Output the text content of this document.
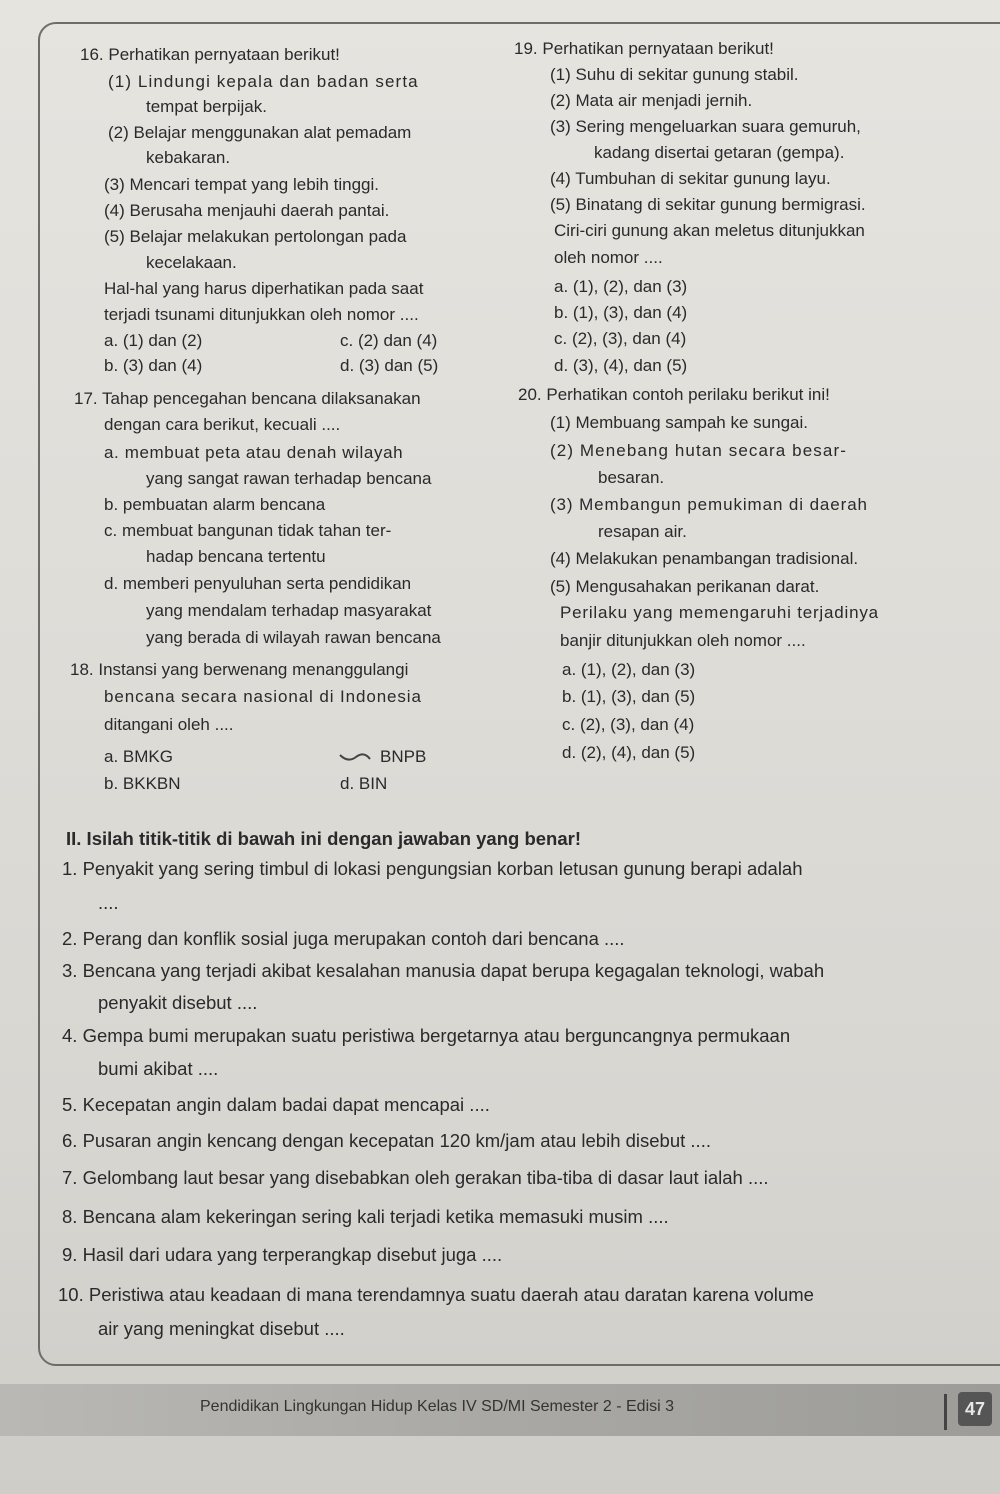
16. Perhatikan pernyataan berikut!
(1) Lindungi kepala dan badan serta
tempat berpijak.
(2) Belajar menggunakan alat pemadam
kebakaran.
(3) Mencari tempat yang lebih tinggi.
(4) Berusaha menjauhi daerah pantai.
(5) Belajar melakukan pertolongan pada
kecelakaan.
Hal-hal yang harus diperhatikan pada saat
terjadi tsunami ditunjukkan oleh nomor ....
a. (1) dan (2)	c. (2) dan (4)
b. (3) dan (4)	d. (3) dan (5)
17. Tahap pencegahan bencana dilaksanakan
dengan cara berikut, kecuali ....
a. membuat peta atau denah wilayah
yang sangat rawan terhadap bencana
b. pembuatan alarm bencana
c. membuat bangunan tidak tahan ter-
hadap bencana tertentu
d. memberi penyuluhan serta pendidikan
yang mendalam terhadap masyarakat
yang berada di wilayah rawan bencana
18. Instansi yang berwenang menanggulangi
bencana secara nasional di Indonesia
ditangani oleh ....
a. BMKG	BNPB
b. BKKBN	d. BIN
19. Perhatikan pernyataan berikut!
(1) Suhu di sekitar gunung stabil.
(2) Mata air menjadi jernih.
(3) Sering mengeluarkan suara gemuruh,
kadang disertai getaran (gempa).
(4) Tumbuhan di sekitar gunung layu.
(5) Binatang di sekitar gunung bermigrasi.
Ciri-ciri gunung akan meletus ditunjukkan
oleh nomor ....
a. (1), (2), dan (3)
b. (1), (3), dan (4)
c. (2), (3), dan (4)
d. (3), (4), dan (5)
20. Perhatikan contoh perilaku berikut ini!
(1) Membuang sampah ke sungai.
(2) Menebang hutan secara besar-
besaran.
(3) Membangun pemukiman di daerah
resapan air.
(4) Melakukan penambangan tradisional.
(5) Mengusahakan perikanan darat.
Perilaku yang memengaruhi terjadinya
banjir ditunjukkan oleh nomor ....
a. (1), (2), dan (3)
b. (1), (3), dan (5)
c. (2), (3), dan (4)
d. (2), (4), dan (5)
II. Isilah titik-titik di bawah ini dengan jawaban yang benar!
1. Penyakit yang sering timbul di lokasi pengungsian korban letusan gunung berapi adalah
....
2. Perang dan konflik sosial juga merupakan contoh dari bencana ....
3. Bencana yang terjadi akibat kesalahan manusia dapat berupa kegagalan teknologi, wabah
penyakit disebut ....
4. Gempa bumi merupakan suatu peristiwa bergetarnya atau berguncangnya permukaan
bumi akibat ....
5. Kecepatan angin dalam badai dapat mencapai ....
6. Pusaran angin kencang dengan kecepatan 120 km/jam atau lebih disebut ....
7. Gelombang laut besar yang disebabkan oleh gerakan tiba-tiba di dasar laut ialah ....
8. Bencana alam kekeringan sering kali terjadi ketika memasuki musim ....
9. Hasil dari udara yang terperangkap disebut juga ....
10. Peristiwa atau keadaan di mana terendamnya suatu daerah atau daratan karena volume
air yang meningkat disebut ....
Pendidikan Lingkungan Hidup Kelas IV SD/MI Semester 2 - Edisi 3	47
